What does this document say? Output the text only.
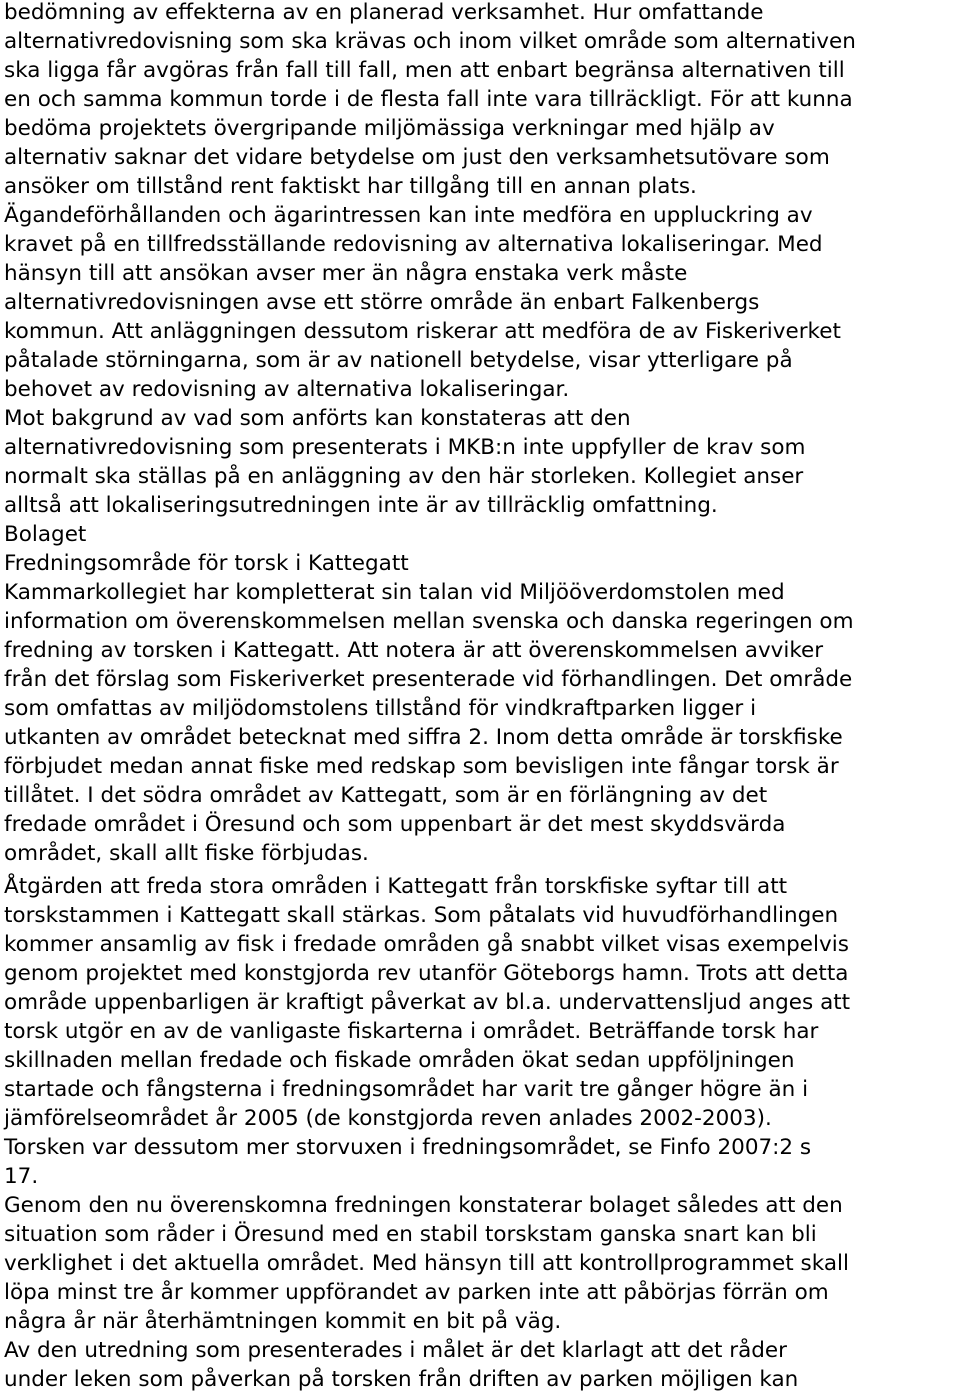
bedömning av effekterna av en planerad verksamhet. Hur omfattande

alternativredovisning som ska krävas och inom vilket område som alternativen

ska ligga får avgöras från fall till fall, men att enbart begränsa alternativen till

en och samma kommun torde i de flesta fall inte vara tillräckligt. För att kunna

bedöma projektets övergripande miljömässiga verkningar med hjälp av

alternativ saknar det vidare betydelse om just den verksamhetsutövare som

ansöker om tillstånd rent faktiskt har tillgång till en annan plats.

Ägandeförhållanden och ägarintressen kan inte medföra en uppluckring av

kravet på en tillfredsställande redovisning av alternativa lokaliseringar. Med

hänsyn till att ansökan avser mer än några enstaka verk måste

alternativredovisningen avse ett större område än enbart Falkenbergs

kommun. Att anläggningen dessutom riskerar att medföra de av Fiskeriverket

påtalade störningarna, som är av nationell betydelse, visar ytterligare på

behovet av redovisning av alternativa lokaliseringar.

Mot bakgrund av vad som anförts kan konstateras att den

alternativredovisning som presenterats i MKB:n inte uppfyller de krav som

normalt ska ställas på en anläggning av den här storleken. Kollegiet anser

alltså att lokaliseringsutredningen inte är av tillräcklig omfattning.

Bolaget

Fredningsområde för torsk i Kattegatt

Kammarkollegiet har kompletterat sin talan vid Miljööverdomstolen med

information om överenskommelsen mellan svenska och danska regeringen om

fredning av torsken i Kattegatt. Att notera är att överenskommelsen avviker

från det förslag som Fiskeriverket presenterade vid förhandlingen. Det område

som omfattas av miljödomstolens tillstånd för vindkraftparken ligger i

utkanten av området betecknat med siffra 2. Inom detta område är torskfiske

förbjudet medan annat fiske med redskap som bevisligen inte fångar torsk är

tillåtet. I det södra området av Kattegatt, som är en förlängning av det

fredade området i Öresund och som uppenbart är det mest skyddsvärda

området, skall allt fiske förbjudas.

Åtgärden att freda stora områden i Kattegatt från torskfiske syftar till att

torskstammen i Kattegatt skall stärkas. Som påtalats vid huvudförhandlingen

kommer ansamlig av fisk i fredade områden gå snabbt vilket visas exempelvis

genom projektet med konstgjorda rev utanför Göteborgs hamn. Trots att detta

område uppenbarligen är kraftigt påverkat av bl.a. undervattensljud anges att

torsk utgör en av de vanligaste fiskarterna i området. Beträffande torsk har

skillnaden mellan fredade och fiskade områden ökat sedan uppföljningen

startade och fångsterna i fredningsområdet har varit tre gånger högre än i

jämförelseområdet år 2005 (de konstgjorda reven anlades 2002-2003).

Torsken var dessutom mer storvuxen i fredningsområdet, se Finfo 2007:2 s

17.

Genom den nu överenskomna fredningen konstaterar bolaget således att den

situation som råder i Öresund med en stabil torskstam ganska snart kan bli

verklighet i det aktuella området. Med hänsyn till att kontrollprogrammet skall

löpa minst tre år kommer uppförandet av parken inte att påbörjas förrän om

några år när återhämtningen kommit en bit på väg.

Av den utredning som presenterades i målet är det klarlagt att det råder

under leken som påverkan på torsken från driften av parken möjligen kan
